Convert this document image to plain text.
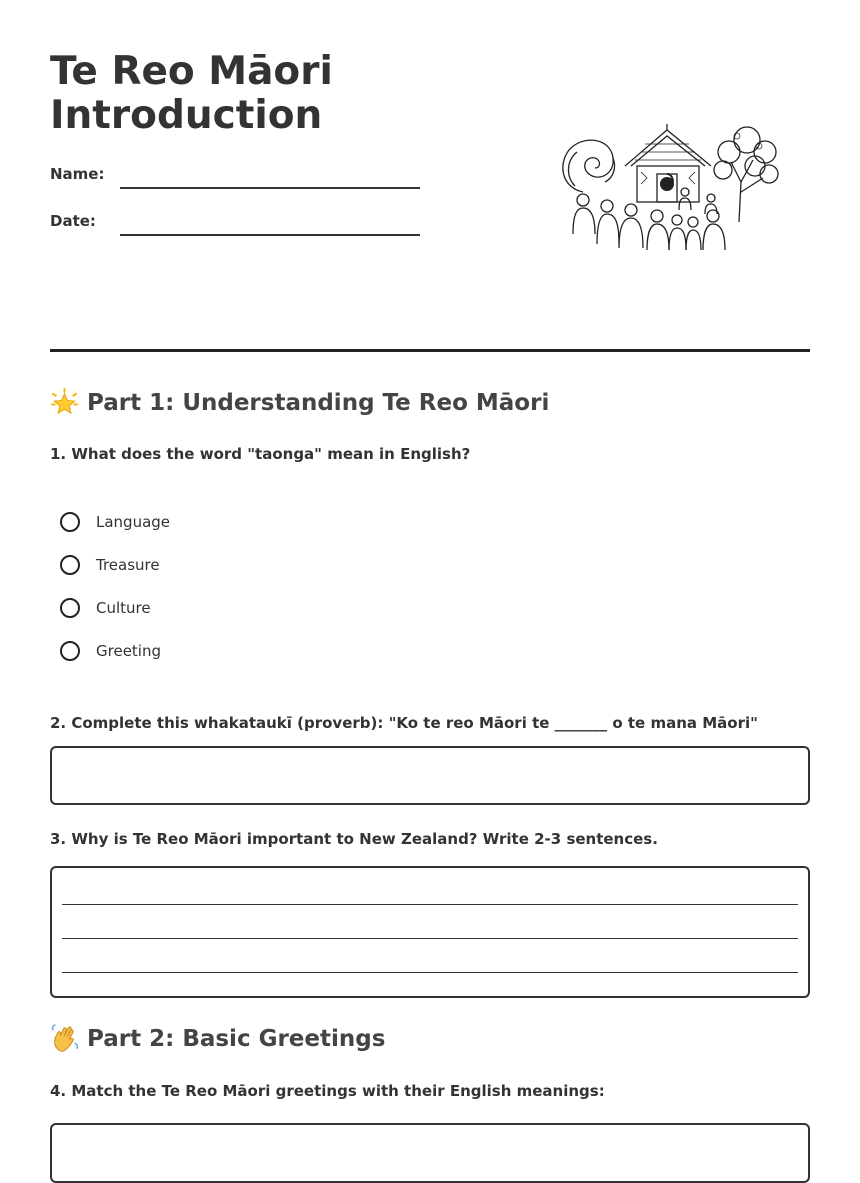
Te Reo Māori
Introduction
Name:
Date:
Part 1: Understanding Te Reo Māori
1. What does the word "taonga" mean in English?
Language
Treasure
Culture
Greeting
2. Complete this whakataukī (proverb): "Ko te reo Māori te _______ o te mana Māori"
3. Why is Te Reo Māori important to New Zealand? Write 2-3 sentences.
Part 2: Basic Greetings
4. Match the Te Reo Māori greetings with their English meanings:
